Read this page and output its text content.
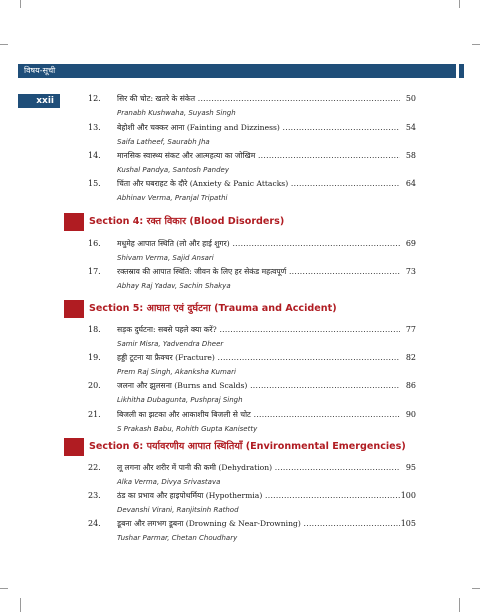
विषय-सूची
xxii	12. सिर की चोट: खतरे के संकेत .....	50
Pranabh Kushwaha, Suyash Singh
13. बेहोशी और चक्कर आना (Fainting and Dizziness) .....	54
Saifa Latheef, Saurabh Jha
14. मानसिक स्वास्थ्य संकट और आत्महत्या का जोखिम .....	58
Kushal Pandya, Santosh Pandey
15. चिंता और घबराहट के दौरे (Anxiety & Panic Attacks) .....	64
Abhinav Verma, Pranjal Tripathi
Section 4: रक्त विकार (Blood Disorders)
16. मधुमेह आपात स्थिति (लो और हाई शुगर) .....	69
Shivam Verma, Sajid Ansari
17. रक्तस्राव की आपात स्थिति: जीवन के लिए हर सेकंड महत्वपूर्ण .....	73
Abhay Raj Yadav, Sachin Shakya
Section 5: आघात एवं दुर्घटना (Trauma and Accident)
18. सड़क दुर्घटना: सबसे पहले क्या करें? .....	77
Samir Misra, Yadvendra Dheer
19. हड्डी टूटना या फ्रैक्चर (Fracture) .....	82
Prem Raj Singh, Akanksha Kumari
20. जलना और झुलसना (Burns and Scalds) .....	86
Likhitha Dubagunta, Pushpraj Singh
21. बिजली का झटका और आकाशीय बिजली से चोट .....	90
S Prakash Babu, Rohith Gupta Kanisetty
Section 6: पर्यावरणीय आपात स्थितियाँ (Environmental Emergencies)
22. लू लगना और शरीर में पानी की कमी (Dehydration) .....	95
Alka Verma, Divya Srivastava
23. ठंड का प्रभाव और हाइपोथर्मिया (Hypothermia) .....	100
Devanshi Virani, Ranjitsinh Rathod
24. डूबना और लगभग डूबना (Drowning & Near-Drowning) .....	105
Tushar Parmar, Chetan Choudhary
